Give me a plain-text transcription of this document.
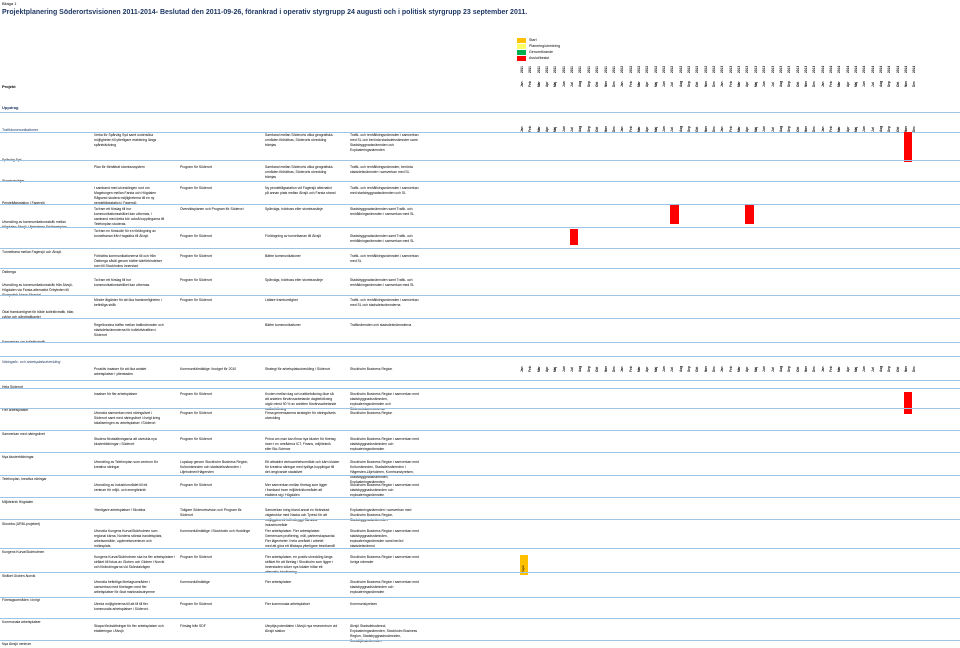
Bilaga 1
Projektplanering Söderortsvisionen 2011-2014- Beslutad den 2011-09-26, förankrad i operativ styrgrupp 24 augusti och i politisk styrgrupp 23 september 2011.
Start
Planering/utredning
Genomförande
Avslut/beslut
2011
Jan
2011
Feb
2011
Mar
2011
Apr
2011
Maj
2011
Jun
2011
Jul
2011
Aug
2011
Sep
2011
Okt
2011
Nov
2011
Dec
2012
Jan
2012
Feb
2012
Mar
2012
Apr
2012
Maj
2012
Jun
2012
Jul
2012
Aug
2012
Sep
2012
Okt
2012
Nov
2012
Dec
2013
Jan
2013
Feb
2013
Mar
2013
Apr
2013
Maj
2013
Jun
2013
Jul
2013
Aug
2013
Sep
2013
Okt
2013
Nov
2013
Dec
2014
Jan
2014
Feb
2014
Mar
2014
Apr
2014
Maj
2014
Jun
2014
Jul
2014
Aug
2014
Sep
2014
Okt
2014
Nov
2014
Dec
Projekt
Uppdrag
Trafikkommunikationer	Jan Feb Mar Apr Maj Jun Jul Aug Sep Okt Nov Dec Jan Feb Mar Apr Maj Jun Jul Aug Sep Okt Nov Dec Jan Feb Mar Apr Maj Jun Jul Aug Sep Okt Nov Dec Jan Feb Mar Apr Maj Jun Jul Aug Sep Okt Nov Dec
Näringsliv- och arbetsplatsutveckling
Jan Feb Mar Apr Maj Jun Jul Aug Sep Okt Nov Dec Jan Feb Mar Apr Maj Jun Jul Aug Sep Okt Nov Dec Jan Feb Mar Apr Maj Jun Jul Aug Sep Okt Nov Dec Jan Feb Mar Apr Maj Jun Jul Aug Sep Okt Nov Dec
Spårväg Syd
Stombusslinjer
Pendeltågsstation i Fagersjö
Utveckling av kommunikationsstråk mellan
Högdalen-Älvsjö-Liljeholmen-Fridhemsplan
Tunnelbana mellan Fagersjö och Älvsjö
Östberga
Utveckling av kommunikationsstråk från Älvsjö-
Högdalen via Farsta alternativt Örbyleden till
Skarpnäck-Norra Skondal
Ökat framkomlighet för både kollektivtrafik, bilar,
cyklar och gångtrafikanter
Samverkan om kollektivtrafik
Hela Söderort
Fler arbetsplatser
Samverkan med näringslivet
Nya klusterbildningar
Telefonplan, kreativa näringar
Miljöteknik Högdalen
Skrubba (URBI-projektet)
Kungens Kurva/Skärholmen
Stråket Globen-Norvik
Företagsområden i övrigt
Kommunala arbetsplatser
Nya Älvsjö centrum
Verka för Spårväg Syd samt undersöka
möjligheten till ytterligare etablering längs
spårsträckning
Plan för förbättrat stombussystem
I samband med utvecklingen runt om
Magelungen mellan Farsta och Högdalen
Rågsved studera möjligheterna till en ny
pendeltågsstation i Fagersjö
Ta fram ett förslag till hur
kommunikationsstråket kan utformas, i
samband med detta bör också kopplingarna till
Telefonplan studeras.
Ta fram en förstudie för en förlängning av
tunnelbanan från Hagsätra till Älvsjö
Förbättra kommunikationerna till och från
Östberga såväl genom bättre tvärförbindelser
som till Stockholms innerstad
Ta fram ett förslag till hur
kommunikationsstråket kan utformas.
Mindre åtgärder för att öka framkomligheten i
befintliga stråk
Regelbundna träffar mellan trafiknämnden och
stadsdelsnämnderna för kollektivtrafiken i
Söderort
Proaktiv insatser för att öka antalet
arbetsplatser i ytterstaden
Insatser för fler arbetsplatser
Utveckla samverkan med näringslivet i
Söderort samt med näringslivet i övrigt kring
lokaliseringen av arbetsplatser i Söderort
Studera förutsättningarna att utveckla nya
klusterbildningar i Söderort
Utveckling av Telefonplan som centrum för
kreativa näringar
Utveckling av industriområdet till ett
centrum för miljö- och energiteknik
Ytterligare arbetsplatser i Skrubba
Utveckla Kungens Kurva/Skärholmen som
regional kärna, Nordens största handelsplats,
arbetsområde, upplevelsecentrum och
mötesplats
Kungens Kurva/Skärholmen ska ha fler arbetsplatser i
stråket till fokus av Globen och Globen i Norvik
och förändringarna vid Sköndalvägen
Utveckla befintliga företagsområden i
samverkan med företagen med fler
arbetsplatser för ökat marknadsutrymme
Utreda möjligheterna till att få till fler
kommunala arbetsplatser i Söderort.
Skapa förutsättningar för fler arbetsplatser och
etableringar i Älvsjö
Program för Söderort
Program för Söderort
Översiktsplanen och Program för Söderort
Program för Söderort
Program för Söderort
Program för Söderort
Program för Söderort
Kommunfullmäktige i budget för 2010
Program för Söderort
Program för Söderort
Program för Söderort
Lopskap genom Stockholm Business Region,
Kulturnämnden och stadsdelsnämnden i
Liljeholmen/Hägersten
Program för Söderort
Tidigare Söderortsvision och Program för
Söderort
Kommunfullmäktige i Stockholm och Huddinge
Program för Söderort
Kommunfullmäktige
Program för Söderort
Förslag från SDF
Samband mellan Söderorts olika geografiska
områden förbättras, Söderorts utveckling
främjas
Samband mellan Söderorts olika geografiska
områden förbättras, Söderorts utveckling
främjas
Ny pendeltågsstation vid Fagersjö alternativt
på annan plats mellan Älvsjö och Farsta strand
Spårvägs, tvärbuss eller stombusslinje
Förlängning av tunnelbanan till Älvsjö
Bättre kommunikationer
Spårvägs, tvärbuss eller stombusslinje
Lättare framkomlighet
Bättre kommunikationer
Strategi för arbetsplatsutveckling i Söderort
Kvoten mellan dag och nattbefolkning ökar så
att andelen förvärvsarbetande dagbefolkning
utgör minst 90 % av andelen förvärvsarbetande
nattbefolkning
Finna gemensamma strategier för näringslivets
utveckling
Pröva om man kan finna nya kluster för företag
inom t ex områdena ICT, Finans, miljöteknik
eller Bio-Science
Ett attraktivt verksamhetsområde och kärn kluster
för kreativa näringar med tydliga kopplingar till
det omgivande stadslivet
Mer samverkan mellan företag som ligger
i framkant inom miljöteknikområdet att
etablera sig i Högdalen
Samverkan kring bland annat en förändrad
vägstruktur med Nacka och Tyresö för att
möjliggöra ett fullt utbyggt Skrubba
industriområde
Fler arbetsplatser. Fler arbetsplatser.
Gemensam profilering, mål, partnerskapsavtal.
Fler lägenheter i hela området i arbetet
med att göra ett tillskapa ytterligare besöksmål
Fler arbetsplatser, en positiv utveckling längs
stråket för att företag i Stockholm som ligger i
innerstaden söker nya lokaler hittar ett
alternativ lokalisering
Fler arbetsplatser
Fler kommunala arbetsplatser
Utnyttja potentialen i Älvsjö nya resecentrum vid
Älvsjö station
Trafik- och renhållningsnämnden i samverkan
med SL och berörda stadsdelsnämnder samt
Stadsbyggnadsnämnden och
Exploateringsnämnden
Trafik- och renhållningsnämnden, berörda
stadsdelsnämnder i samverkan med SL
Trafik- och renhållningsnämnden i samverkan
med stadsbyggnadsnämnden och SL
Stadsbyggnadsnämnden samt Trafik- och
renhållningsnämnden i samverkan med SL
Stadsbyggnadsnämnden samt Trafik- och
renhållningsnämnden i samverkan med SL
Trafik- och renhållningsnämnden i samverkan
med SL
Stadsbyggnadsnämnden samt Trafik- och
renhållningsnämnden i samverkan med SL
Trafik- och renhållningsnämnden i samverkan
med SL och stadsdelsnämnderna
Trafiknämnden och stadsdelsnämnderna
Stockholm Business Region
Stockholm Business Region i samverkan med
stadsbyggnadsnämnden,
exploateringsnämnden och
Söderortskommunerna
Stockholm Business Region
Stockholm Business Region i samverkan med
stadsbyggnadsnämnden och
exploateringsnämnden
Stockholm Business Region i samverkan med
Kulturnämnden, Stadsdelsnämnden i
Hägersten-Liljeholmen, Kommunstyrelsen,
Stadsbyggnadsnämnden,
Exploateringsnämnden
Stockholm Business Region i samverkan med
stadsbyggnadsnämnden och
exploateringsnämnden
Exploateringsnämnden i samverkan med
Stockholm Business Region,
Stadsbyggnadsnämnden
Stockholm Business Region i samverkan med
stadsbyggnadsnämnden,
exploateringsnämnden samt berörd
stadsdelsnämnd
Stockholm Business Region i samverkan med
övriga nämnder
Stockholm Business Region i samverkan med
stadsbyggnadsnämnden och
exploateringsnämnden
Kommunstyrelsen
Älvsjö Stadsdelsnämnd,
Exploateringsnämnden, Stockholm Business
Region, Stadsbyggnadsnämnden,
Socialtjänstnämnden
Pågår
